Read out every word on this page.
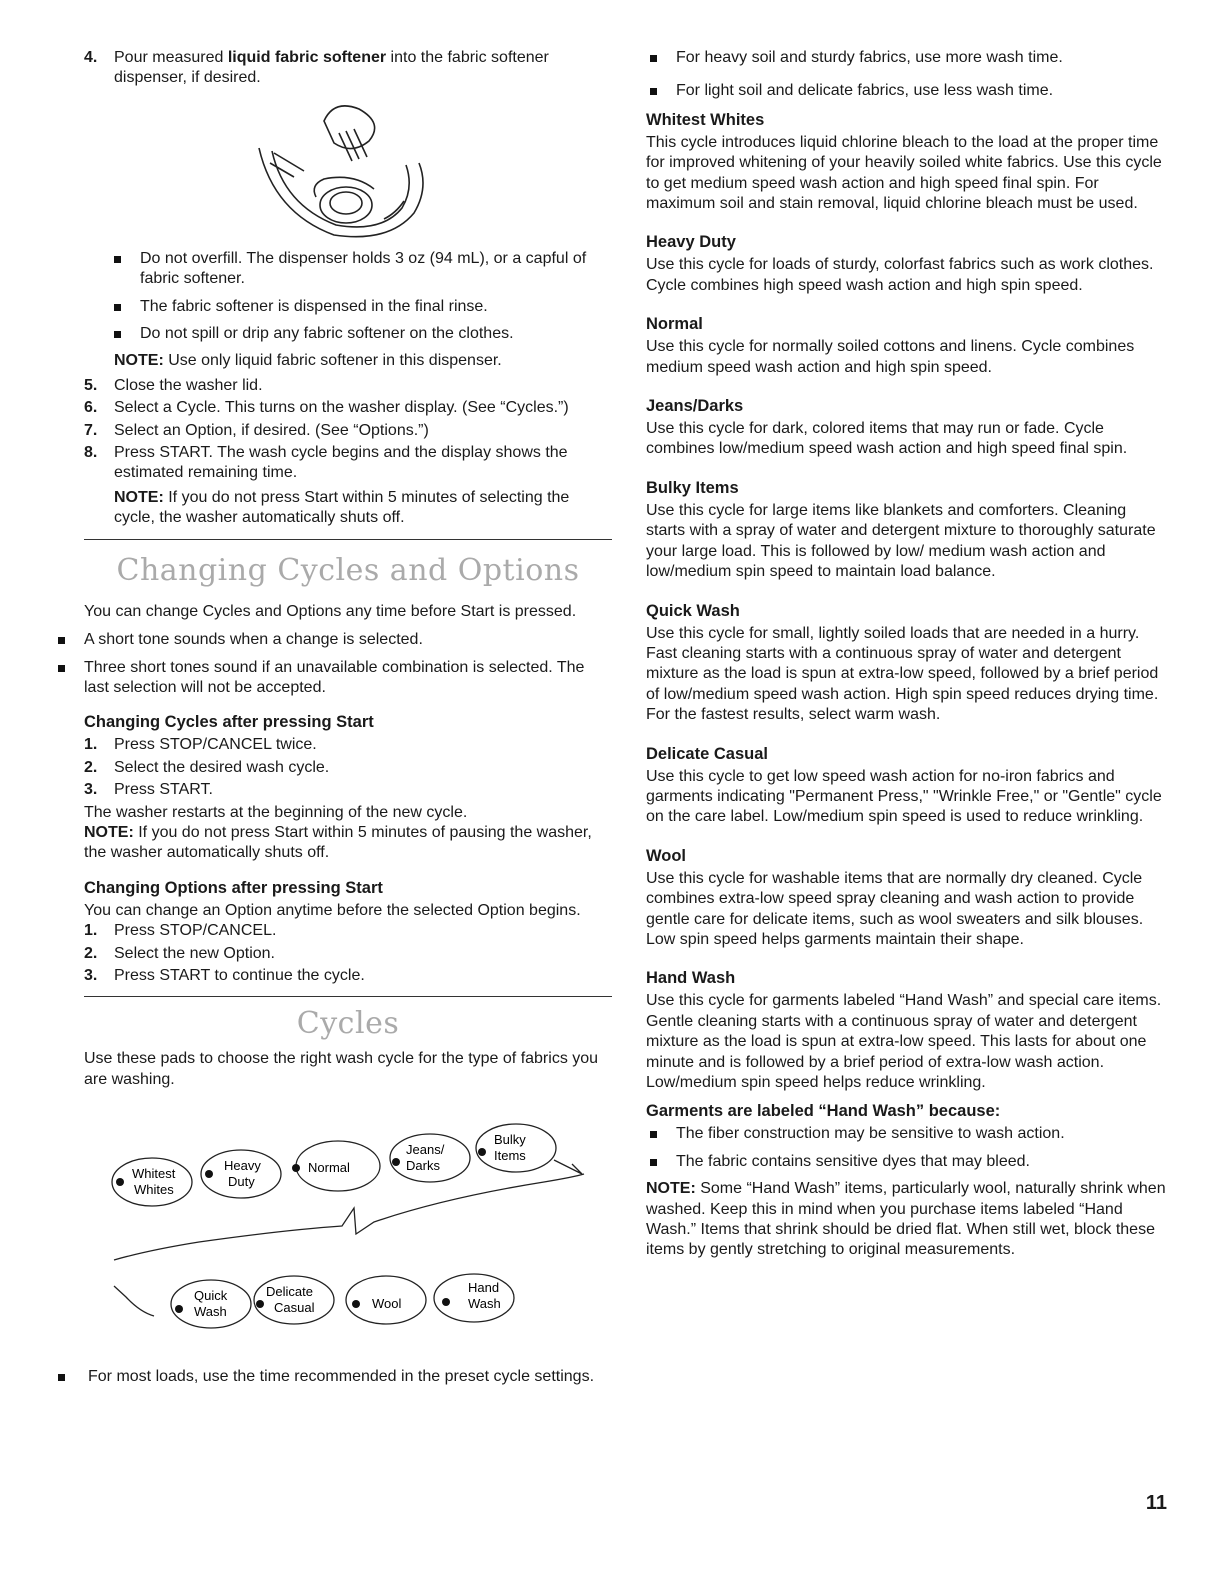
4. Pour measured liquid fabric softener into the fabric softener dispenser, if desired.
Do not overfill. The dispenser holds 3 oz (94 mL), or a capful of fabric softener.
The fabric softener is dispensed in the final rinse.
Do not spill or drip any fabric softener on the clothes.

NOTE: Use only liquid fabric softener in this dispenser.

5. Close the washer lid.
6. Select a Cycle. This turns on the washer display. (See “Cycles.”)
7. Select an Option, if desired. (See “Options.”)
8. Press START. The wash cycle begins and the display shows the estimated remaining time.

NOTE: If you do not press Start within 5 minutes of selecting the cycle, the washer automatically shuts off.

Changing Cycles and Options

You can change Cycles and Options any time before Start is pressed.

A short tone sounds when a change is selected.
Three short tones sound if an unavailable combination is selected. The last selection will not be accepted.
Changing Cycles after pressing Start
1. Press STOP/CANCEL twice.
2. Select the desired wash cycle.
3. Press START.

The washer restarts at the beginning of the new cycle.

NOTE: If you do not press Start within 5 minutes of pausing the washer, the washer automatically shuts off.

Changing Options after pressing Start

You can change an Option anytime before the selected Option begins.

1. Press STOP/CANCEL.
2. Select the new Option.
3. Press START to continue the cycle.
Cycles

Use these pads to choose the right wash cycle for the type of fabrics you are washing.

Whitest
Whites
Heavy
Duty
Normal
Jeans/
Darks
Bulky
Items
Quick
Wash
Delicate
Casual	Wool
Hand
Wash
For most loads, use the time recommended in the preset cycle settings.
For heavy soil and sturdy fabrics, use more wash time.
For light soil and delicate fabrics, use less wash time.
Whitest Whites

This cycle introduces liquid chlorine bleach to the load at the proper time for improved whitening of your heavily soiled white fabrics. Use this cycle to get medium speed wash action and high speed final spin. For maximum soil and stain removal, liquid chlorine bleach must be used.

Heavy Duty

Use this cycle for loads of sturdy, colorfast fabrics such as work clothes. Cycle combines high speed wash action and high spin speed.

Normal

Use this cycle for normally soiled cottons and linens. Cycle combines medium speed wash action and high spin speed.

Jeans/Darks

Use this cycle for dark, colored items that may run or fade. Cycle combines low/medium speed wash action and high speed final spin.

Bulky Items

Use this cycle for large items like blankets and comforters. Cleaning starts with a spray of water and detergent mixture to thoroughly saturate your large load. This is followed by low/ medium wash action and low/medium spin speed to maintain load balance.

Quick Wash

Use this cycle for small, lightly soiled loads that are needed in a hurry. Fast cleaning starts with a continuous spray of water and detergent mixture as the load is spun at extra-low speed, followed by a brief period of low/medium speed wash action. High spin speed reduces drying time. For the fastest results, select warm wash.

Delicate Casual

Use this cycle to get low speed wash action for no-iron fabrics and garments indicating "Permanent Press," "Wrinkle Free," or "Gentle" cycle on the care label. Low/medium spin speed is used to reduce wrinkling.

Wool

Use this cycle for washable items that are normally dry cleaned. Cycle combines extra-low speed spray cleaning and wash action to provide gentle care for delicate items, such as wool sweaters and silk blouses. Low spin speed helps garments maintain their shape.

Hand Wash

Use this cycle for garments labeled “Hand Wash” and special care items. Gentle cleaning starts with a continuous spray of water and detergent mixture as the load is spun at extra-low speed. This lasts for about one minute and is followed by a brief period of extra-low wash action. Low/medium spin speed helps reduce wrinkling.

Garments are labeled “Hand Wash” because:
The fiber construction may be sensitive to wash action.
The fabric contains sensitive dyes that may bleed.

NOTE: Some “Hand Wash” items, particularly wool, naturally shrink when washed. Keep this in mind when you purchase items labeled “Hand Wash.” Items that shrink should be dried flat. When still wet, block these items by gently stretching to original measurements.

11
